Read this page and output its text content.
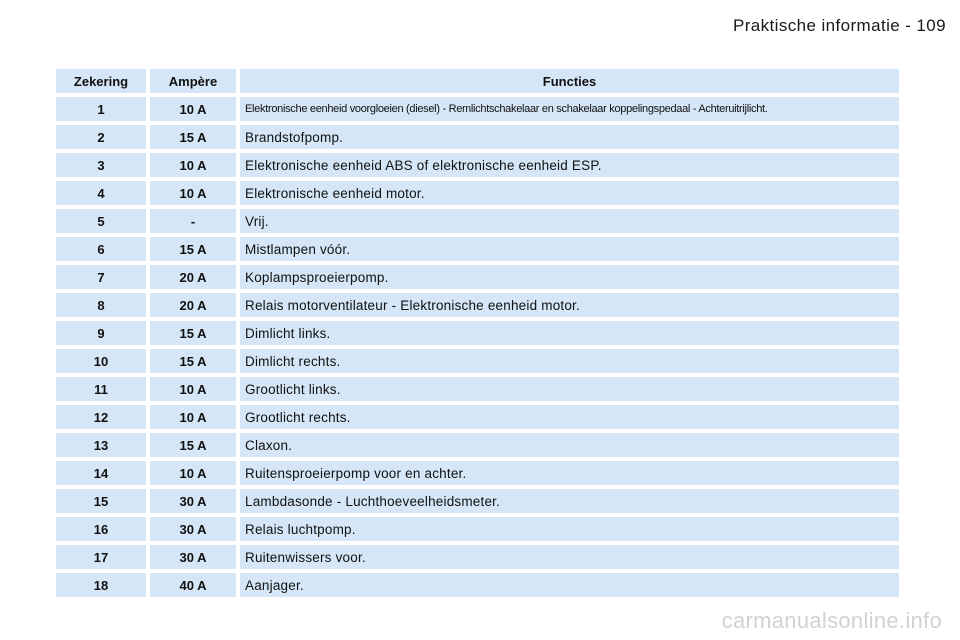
Praktische informatie - 109
Zekering	Ampère	Functies
1	10 A	Elektronische eenheid voorgloeien (diesel) - Remlichtschakelaar en schakelaar koppelingspedaal - Achteruitrijlicht.
2	15 A	Brandstofpomp.
3	10 A	Elektronische eenheid ABS of elektronische eenheid ESP.
4	10 A	Elektronische eenheid motor.
5	-	Vrij.
6	15 A	Mistlampen vóór.
7	20 A	Koplampsproeierpomp.
8	20 A	Relais motorventilateur - Elektronische eenheid motor.
9	15 A	Dimlicht links.
10	15 A	Dimlicht rechts.
11	10 A	Grootlicht links.
12	10 A	Grootlicht rechts.
13	15 A	Claxon.
14	10 A	Ruitensproeierpomp voor en achter.
15	30 A	Lambdasonde - Luchthoeveelheidsmeter.
16	30 A	Relais luchtpomp.
17	30 A	Ruitenwissers voor.
18	40 A	Aanjager.
carmanualsonline.info
